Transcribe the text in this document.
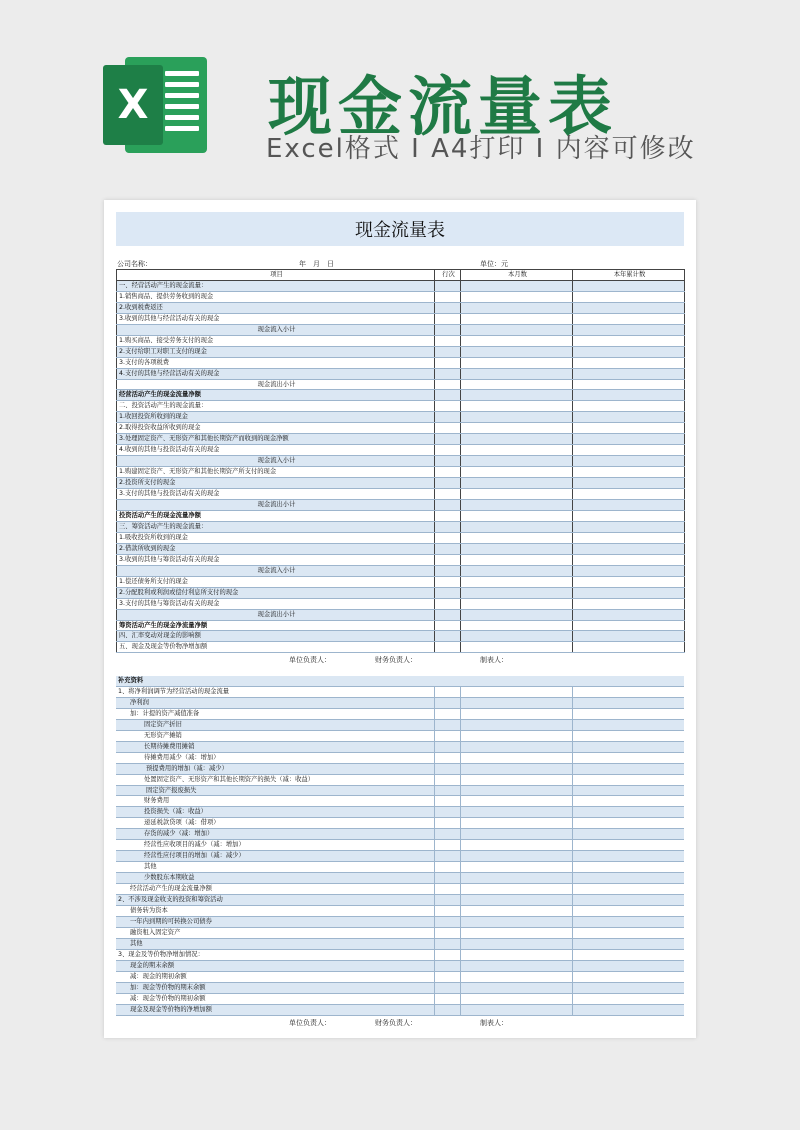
X 现金流量表
Excel格式 I A4打印 I 内容可修改
现金流量表
公司名称：	年　月　日	单位：元
项目	行次	本月数	本年累计数
一、经营活动产生的现金流量：			
1.销售商品、提供劳务收到的现金			
2.收到税费返还			
3.收到的其他与经营活动有关的现金			
现金流入小计			
1.购买商品、接受劳务支付的现金			
2.支付给职工对职工支付的现金			
3.支付的各项税费			
4.支付的其他与经营活动有关的现金			
现金流出小计			
经营活动产生的现金流量净额			
二、投资活动产生的现金流量：			
1.收回投资所收到的现金			
2.取得投资收益所收到的现金			
3.处理固定资产、无形资产和其他长期资产而收到的现金净额			
4.收到的其他与投资活动有关的现金			
现金流入小计			
1.购建固定资产、无形资产和其他长期资产所支付的现金			
2.投资所支付的现金			
3.支付的其他与投资活动有关的现金			
现金流出小计			
投资活动产生的现金流量净额			
三、筹资活动产生的现金流量：			
1.吸收投资所收到的现金			
2.借款所收到的现金			
3.收到的其他与筹资活动有关的现金			
现金流入小计			
1.偿还债务所支付的现金			
2.分配股利或利润或偿付利息所支付的现金			
3.支付的其他与筹资活动有关的现金			
现金流出小计			
筹资活动产生的现金净流量净额			
四、汇率变动对现金的影响额			
五、现金及现金等价物净增加额			
单位负责人：	财务负责人：	制表人：
补充资料			
1、将净利润调节为经营活动的现金流量			
净利润			
加：计提的资产减值准备			
固定资产折旧			
无形资产摊销			
长期待摊费用摊销			
待摊费用减少（减：增加）			
预提费用的增加（减：减少）			
处置固定资产、无形资产和其他长期资产的损失（减：收益）			
固定资产报废损失			
财务费用			
投资损失（减：收益）			
递延税款贷项（减：借项）			
存货的减少（减：增加）			
经营性应收项目的减少（减：增加）			
经营性应付项目的增加（减：减少）			
其他			
少数股东本期收益			
经营活动产生的现金流量净额			
2、不涉及现金收支的投资和筹资活动			
债务转为资本			
一年内到期的可转换公司债券			
融资租入固定资产			
其他			
3、现金及等价物净增加情况：			
现金的期末余额			
减：现金的期初余额			
加：现金等价物的期末余额			
减：现金等价物的期初余额			
现金及现金等价物的净增加额			
单位负责人：	财务负责人：	制表人：
